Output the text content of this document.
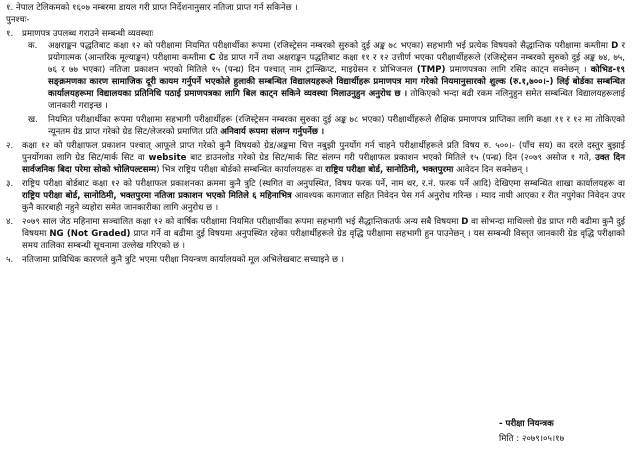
१. नेपाल टेलिकमको १६०७ नम्बरमा डायल गरी प्राप्त निर्देशनानुसार नतिजा प्राप्त गर्न सकिनेछ ।

पुनश्चः-

१.	प्रमाणपत्र उपलब्ध गराउने सम्बन्धी व्यवस्थाः
क.	अक्षराङ्कन पद्धतिबाट कक्षा १२ को परीक्षामा नियमित परीक्षार्थीका रूपमा (रजिस्ट्रेसन नम्बरको सुरुको दुई अङ्क ७८ भएका) सहभागी भई प्रत्येक विषयको सैद्धान्तिक परीक्षामा कम्तीमा D र प्रयोगात्मक (आन्तरिक मूल्याङ्कन) परीक्षामा कम्तीमा C ग्रेड प्राप्त गर्ने तथा अक्षराङ्कन पद्धतिबाट कक्षा ११ र १२ उत्तीर्ण भएका परीक्षार्थीहरूले (रजिस्ट्रेसन नम्बरको सुरुको दुई अङ्क ७४, ७५, ७६ र ७७ भएका) नतिजा प्रकाशन भएको मितिले १५ (पन्ध्र) दिन पश्चात् नाम ट्रान्स्क्रिप्ट, माइग्रेसन र प्रोभिजनल (TMP) प्रमाणपत्रका लागि रसिद काट्न सक्नेछन् । कोभिड-१९ सङ्क्रमणका कारण सामाजिक दूरी कायम गर्नुपर्ने भएकोले हुलाकी सम्बन्धित विद्यालयहरूले विद्यार्थीहरू प्रमाणपत्र माग गरेको नियमानुसारको शुल्क (रु.१,७००।-) लिई बोर्डका सम्बन्धित कार्यालयहरूमा विद्यालयका प्रतिनिधि पठाई प्रमाणपत्रका लागि बिल काट्न सकिने व्यवस्था मिलाउनुहुन अनुरोध छ । तोकिएको भन्दा बढी रकम नलिनुहुन समेत सम्बन्धित विद्यालयहरूलाई जानकारी गराइन्छ ।
ख.	नियमित परीक्षार्थीका रूपमा परीक्षामा सहभागी परीक्षार्थीहरू (रजिस्ट्रेसन नम्बरका सुरुका दुई अङ्क ७८ भएका) परीक्षार्थीहरूले शैक्षिक प्रमाणपत्र प्राप्तिका लागि कक्षा ११ र १२ मा तोकिएको न्यूनतम ग्रेड प्राप्त गरेको ग्रेड सिट/लेजरको प्रमाणित प्रति अनिवार्य रूपमा संलग्न गर्नुपर्नेछ ।
२.	कक्षा १२ को परीक्षाफल प्रकाशन पश्चात् आफूले प्राप्त गरेको कुनै विषयको ग्रेड/अङ्कमा चित्त नबुझी पुनर्योग गर्न चाहने परीक्षार्थीहरूले प्रति विषय रु. ५००।- (पाँच सय) का दरले दस्तुर बुझाई पुनर्योगका लागि ग्रेड सिट/मार्क सिट वा website बाट डाउनलोड गरेको ग्रेड सिट/मार्क सिट संलग्न गरी परीक्षाफल प्रकाशन भएको मितिले १५ (पन्ध्र) दिन (२०७९ असोज १ गते, उक्त दिन सार्वजनिक बिदा परेमा सोको भोलिपल्टसम्म) भित्र राष्ट्रिय परीक्षा बोर्डको सम्बन्धित कार्यालयहरू वा राष्ट्रिय परीक्षा बोर्ड, सानोठिमी, भक्तपुरमा आवेदन दिन सक्नेछन् ।
३.	राष्ट्रिय परीक्षा बोर्डबाट कक्षा १२ को परीक्षाफल प्रकाशनका क्रममा कुनै त्रुटि (स्थगित वा अनुपस्थित, विषय फरक पर्ने, नाम थर, र.नं. फरक पर्ने आदि) देखिएमा सम्बन्धित शाखा कार्यालयहरू वा राष्ट्रिय परीक्षा बोर्ड, सानोठिमी, भक्तपुरमा नतिजा प्रकाशन भएको मितिले ६ महिनाभित्र आवश्यक कागजात सहित निवेदन पेस गर्न अनुरोध गरिन्छ । म्याद नाघी आएका र रीत नपुगेका निवेदन उपर कुनै कारबाही नहुने व्यहोरा समेत जानकारीका लागि अनुरोध छ ।
४.	२०७९ साल जेठ महिनामा सञ्चालित कक्षा १२ को वार्षिक परीक्षामा नियमित परीक्षार्थीका रूपमा सहभागी भई सैद्धान्तिकतर्फ अन्य सबै विषयमा D वा सोभन्दा माथिल्लो ग्रेड प्राप्त गरी बढीमा कुनै दुई विषयमा NG (Not Graded) प्राप्त गर्ने वा बढीमा दुई विषयमा अनुपस्थित रहेका परीक्षार्थीहरूले ग्रेड वृद्धि परीक्षामा सहभागी हुन पाउनेछन् । यस सम्बन्धी विस्तृत जानकारी ग्रेड वृद्धि परीक्षाको समय तालिका सम्बन्धी सूचनामा उल्लेख गरिएको छ ।
५.	नतिजामा प्राविधिक कारणले कुनै त्रुटि भएमा परीक्षा नियन्त्रण कार्यालयको मूल अभिलेखबाट सच्याइने छ ।
- परीक्षा नियन्त्रक
मिति : २०७९।०५।१७
